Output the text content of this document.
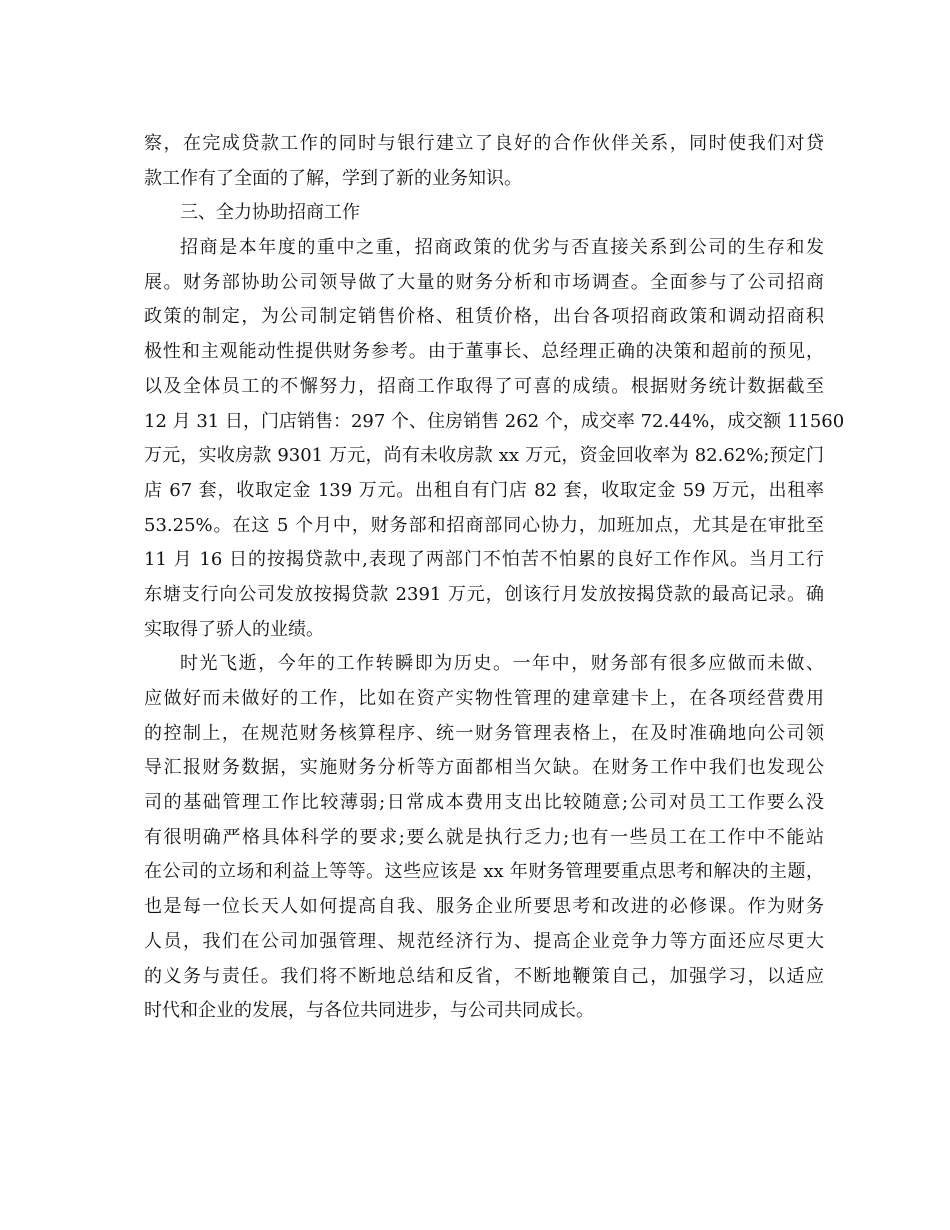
察，在完成贷款工作的同时与银行建立了良好的合作伙伴关系，同时使我们对贷
款工作有了全面的了解，学到了新的业务知识。
三、全力协助招商工作
招商是本年度的重中之重，招商政策的优劣与否直接关系到公司的生存和发
展。财务部协助公司领导做了大量的财务分析和市场调查。全面参与了公司招商
政策的制定，为公司制定销售价格、租赁价格，出台各项招商政策和调动招商积
极性和主观能动性提供财务参考。由于董事长、总经理正确的决策和超前的预见，
以及全体员工的不懈努力，招商工作取得了可喜的成绩。根据财务统计数据截至
12 月 31 日，门店销售：297 个、住房销售 262 个，成交率 72.44%，成交额 11560
万元，实收房款 9301 万元，尚有未收房款 xx 万元，资金回收率为 82.62%;预定门
店 67 套，收取定金 139 万元。出租自有门店 82 套，收取定金 59 万元，出租率
53.25%。在这 5 个月中，财务部和招商部同心协力，加班加点，尤其是在审批至
11 月 16 日的按揭贷款中,表现了两部门不怕苦不怕累的良好工作作风。当月工行
东塘支行向公司发放按揭贷款 2391 万元，创该行月发放按揭贷款的最高记录。确
实取得了骄人的业绩。
时光飞逝，今年的工作转瞬即为历史。一年中，财务部有很多应做而未做、
应做好而未做好的工作，比如在资产实物性管理的建章建卡上，在各项经营费用
的控制上，在规范财务核算程序、统一财务管理表格上，在及时准确地向公司领
导汇报财务数据，实施财务分析等方面都相当欠缺。在财务工作中我们也发现公
司的基础管理工作比较薄弱;日常成本费用支出比较随意;公司对员工工作要么没
有很明确严格具体科学的要求;要么就是执行乏力;也有一些员工在工作中不能站
在公司的立场和利益上等等。这些应该是 xx 年财务管理要重点思考和解决的主题，
也是每一位长天人如何提高自我、服务企业所要思考和改进的必修课。作为财务
人员，我们在公司加强管理、规范经济行为、提高企业竞争力等方面还应尽更大
的义务与责任。我们将不断地总结和反省，不断地鞭策自己，加强学习，以适应
时代和企业的发展，与各位共同进步，与公司共同成长。
